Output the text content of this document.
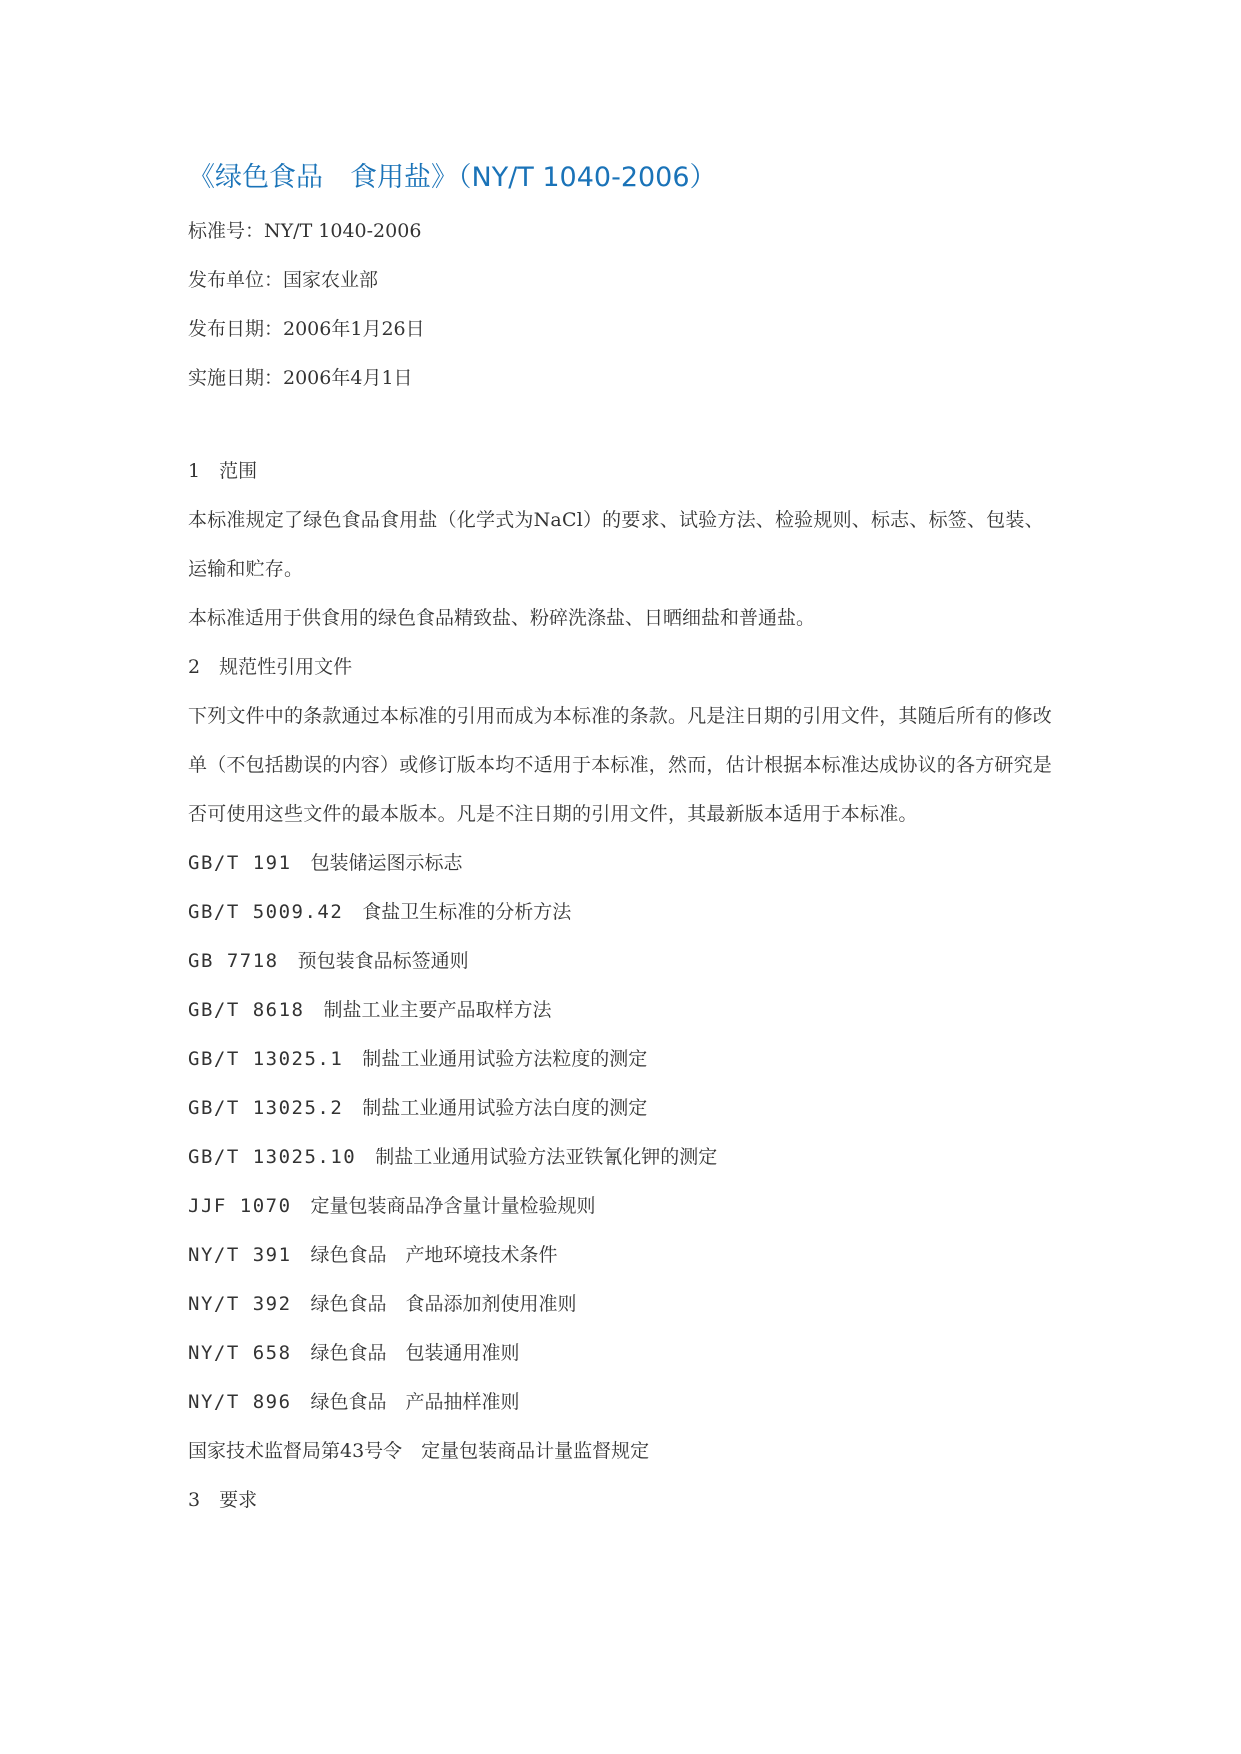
《绿色食品　食用盐》（NY/T 1040-2006）
标准号：NY/T 1040-2006
发布单位：国家农业部
发布日期：2006年1月26日
实施日期：2006年4月1日
1　范围
本标准规定了绿色食品食用盐（化学式为NaCl）的要求、试验方法、检验规则、标志、标签、包装、运输和贮存。
本标准适用于供食用的绿色食品精致盐、粉碎洗涤盐、日晒细盐和普通盐。
2　规范性引用文件
下列文件中的条款通过本标准的引用而成为本标准的条款。凡是注日期的引用文件，其随后所有的修改单（不包括勘误的内容）或修订版本均不适用于本标准，然而，估计根据本标准达成协议的各方研究是否可使用这些文件的最本版本。凡是不注日期的引用文件，其最新版本适用于本标准。
GB/T 191　 包装储运图示标志
GB/T 5009.42　 食盐卫生标准的分析方法
GB 7718　 预包装食品标签通则
GB/T 8618　 制盐工业主要产品取样方法
GB/T 13025.1　 制盐工业通用试验方法粒度的测定
GB/T 13025.2　 制盐工业通用试验方法白度的测定
GB/T 13025.10　 制盐工业通用试验方法亚铁氰化钾的测定
JJF 1070　 定量包装商品净含量计量检验规则
NY/T 391　 绿色食品　产地环境技术条件
NY/T 392　 绿色食品　食品添加剂使用准则
NY/T 658　 绿色食品　包装通用准则
NY/T 896　 绿色食品　产品抽样准则
国家技术监督局第43号令　定量包装商品计量监督规定
3　要求
